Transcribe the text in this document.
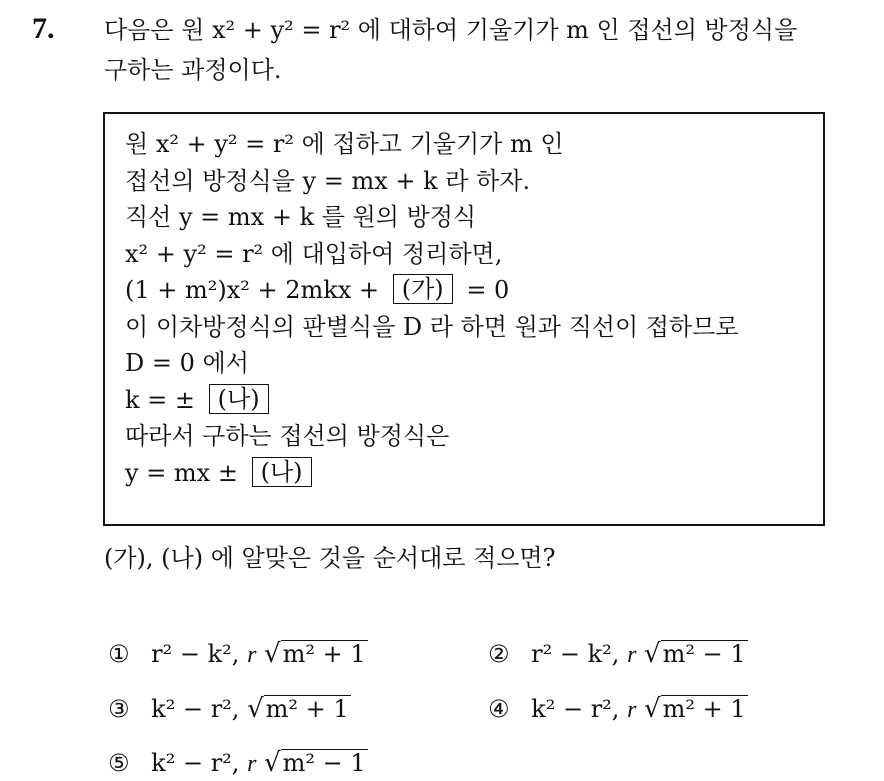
7. 다음은 원 x² + y² = r² 에 대하여 기울기가 m 인 접선의 방정식을
구하는 과정이다.
원 x² + y² = r² 에 접하고 기울기가 m 인
접선의 방정식을 y = mx + k 라 하자.
직선 y = mx + k 를 원의 방정식
x² + y² = r² 에 대입하여 정리하면,
(1 + m²)x² + 2mkx + (가) = 0
이 이차방정식의 판별식을 D 라 하면 원과 직선이 접하므로
D = 0 에서
k = ± (나)
따라서 구하는 접선의 방정식은
y = mx ± (나)
(가), (나) 에 알맞은 것을 순서대로 적으면?
① r² − k², r √m² + 1	② r² − k², r √m² − 1
③ k² − r², √m² + 1	④ k² − r², r √m² + 1
⑤ k² − r², r √m² − 1
